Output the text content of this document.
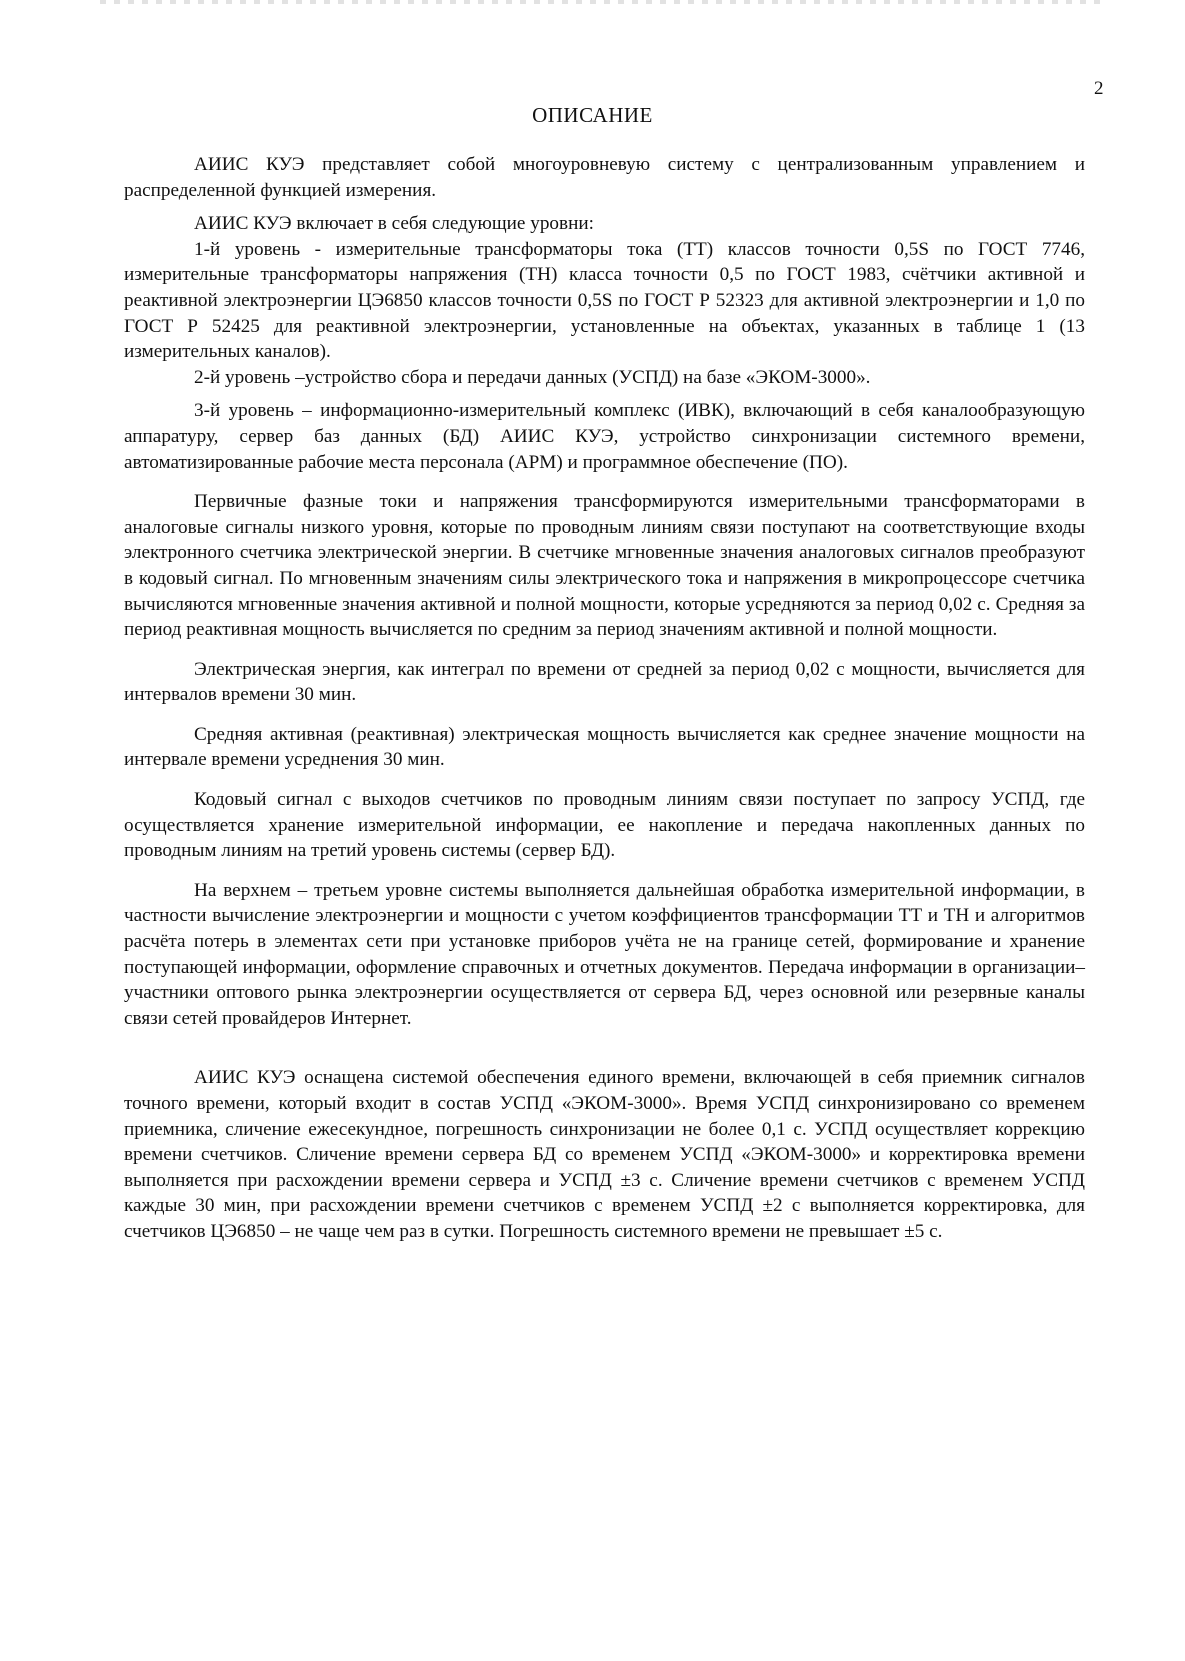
2
ОПИСАНИЕ

АИИС КУЭ представляет собой многоуровневую систему с централизованным управлением и распределенной функцией измерения.

АИИС КУЭ включает в себя следующие уровни:

1-й уровень - измерительные трансформаторы тока (ТТ) классов точности 0,5S по ГОСТ 7746, измерительные трансформаторы напряжения (ТН) класса точности 0,5 по ГОСТ 1983, счётчики активной и реактивной электроэнергии ЦЭ6850 классов точности 0,5S по ГОСТ Р 52323 для активной электроэнергии и 1,0 по ГОСТ Р 52425 для реактивной электроэнергии, установленные на объектах, указанных в таблице 1 (13 измерительных каналов).

2-й уровень –устройство сбора и передачи данных (УСПД) на базе «ЭКОМ-3000».

3-й уровень – информационно-измерительный комплекс (ИВК), включающий в себя каналообразующую аппаратуру, сервер баз данных (БД) АИИС КУЭ, устройство синхронизации системного времени, автоматизированные рабочие места персонала (АРМ) и программное обеспечение (ПО).

Первичные фазные токи и напряжения трансформируются измерительными трансформаторами в аналоговые сигналы низкого уровня, которые по проводным линиям связи поступают на соответствующие входы электронного счетчика электрической энергии. В счетчике мгновенные значения аналоговых сигналов преобразуют в кодовый сигнал. По мгновенным значениям силы электрического тока и напряжения в микропроцессоре счетчика вычисляются мгновенные значения активной и полной мощности, которые усредняются за период 0,02 с. Средняя за период реактивная мощность вычисляется по средним за период значениям активной и полной мощности.

Электрическая энергия, как интеграл по времени от средней за период 0,02 с мощности, вычисляется для интервалов времени 30 мин.

Средняя активная (реактивная) электрическая мощность вычисляется как среднее значение мощности на интервале времени усреднения 30 мин.

Кодовый сигнал с выходов счетчиков по проводным линиям связи поступает по запросу УСПД, где осуществляется хранение измерительной информации, ее накопление и передача накопленных данных по проводным линиям на третий уровень системы (сервер БД).

На верхнем – третьем уровне системы выполняется дальнейшая обработка измерительной информации, в частности вычисление электроэнергии и мощности с учетом коэффициентов трансформации ТТ и ТН и алгоритмов расчёта потерь в элементах сети при установке приборов учёта не на границе сетей, формирование и хранение поступающей информации, оформление справочных и отчетных документов. Передача информации в организации–участники оптового рынка электроэнергии осуществляется от сервера БД, через основной или резервные каналы связи сетей провайдеров Интернет.

АИИС КУЭ оснащена системой обеспечения единого времени, включающей в себя приемник сигналов точного времени, который входит в состав УСПД «ЭКОМ-3000». Время УСПД синхронизировано со временем приемника, сличение ежесекундное, погрешность синхронизации не более 0,1 с. УСПД осуществляет коррекцию времени счетчиков. Сличение времени сервера БД со временем УСПД «ЭКОМ-3000» и корректировка времени выполняется при расхождении времени сервера и УСПД ±3 с. Сличение времени счетчиков с временем УСПД каждые 30 мин, при расхождении времени счетчиков с временем УСПД ±2 с выполняется корректировка, для счетчиков ЦЭ6850 – не чаще чем раз в сутки. Погрешность системного времени не превышает ±5 с.
